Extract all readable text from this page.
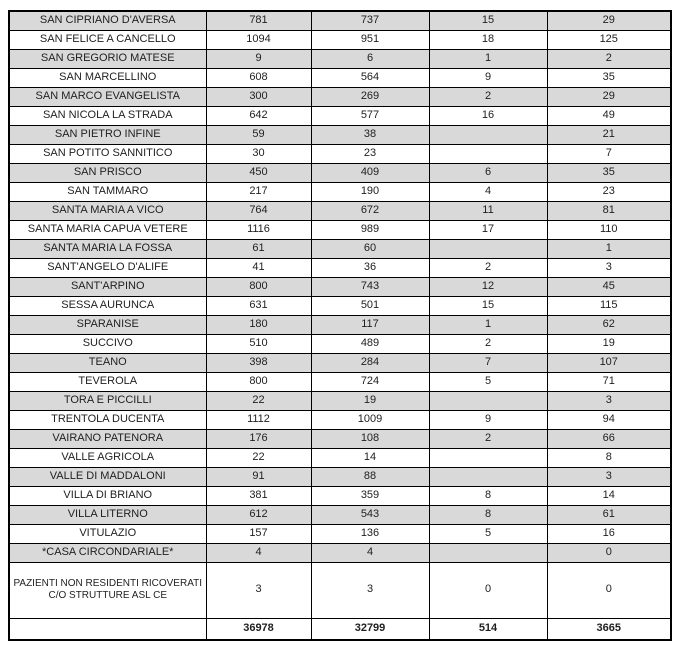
SAN CIPRIANO D'AVERSA	781	737	15	29
SAN FELICE A CANCELLO	1094	951	18	125
SAN GREGORIO MATESE	9	6	1	2
SAN MARCELLINO	608	564	9	35
SAN MARCO EVANGELISTA	300	269	2	29
SAN NICOLA LA STRADA	642	577	16	49
SAN PIETRO INFINE	59	38		21
SAN POTITO SANNITICO	30	23		7
SAN PRISCO	450	409	6	35
SAN TAMMARO	217	190	4	23
SANTA MARIA A VICO	764	672	11	81
SANTA MARIA CAPUA VETERE	1116	989	17	110
SANTA MARIA LA FOSSA	61	60		1
SANT'ANGELO D'ALIFE	41	36	2	3
SANT'ARPINO	800	743	12	45
SESSA AURUNCA	631	501	15	115
SPARANISE	180	117	1	62
SUCCIVO	510	489	2	19
TEANO	398	284	7	107
TEVEROLA	800	724	5	71
TORA E PICCILLI	22	19		3
TRENTOLA DUCENTA	1112	1009	9	94
VAIRANO PATENORA	176	108	2	66
VALLE AGRICOLA	22	14		8
VALLE DI MADDALONI	91	88		3
VILLA DI BRIANO	381	359	8	14
VILLA LITERNO	612	543	8	61
VITULAZIO	157	136	5	16
*CASA CIRCONDARIALE*	4	4		0
PAZIENTI NON RESIDENTI RICOVERATI C/O STRUTTURE ASL CE	3	3	0	0
	36978	32799	514	3665
